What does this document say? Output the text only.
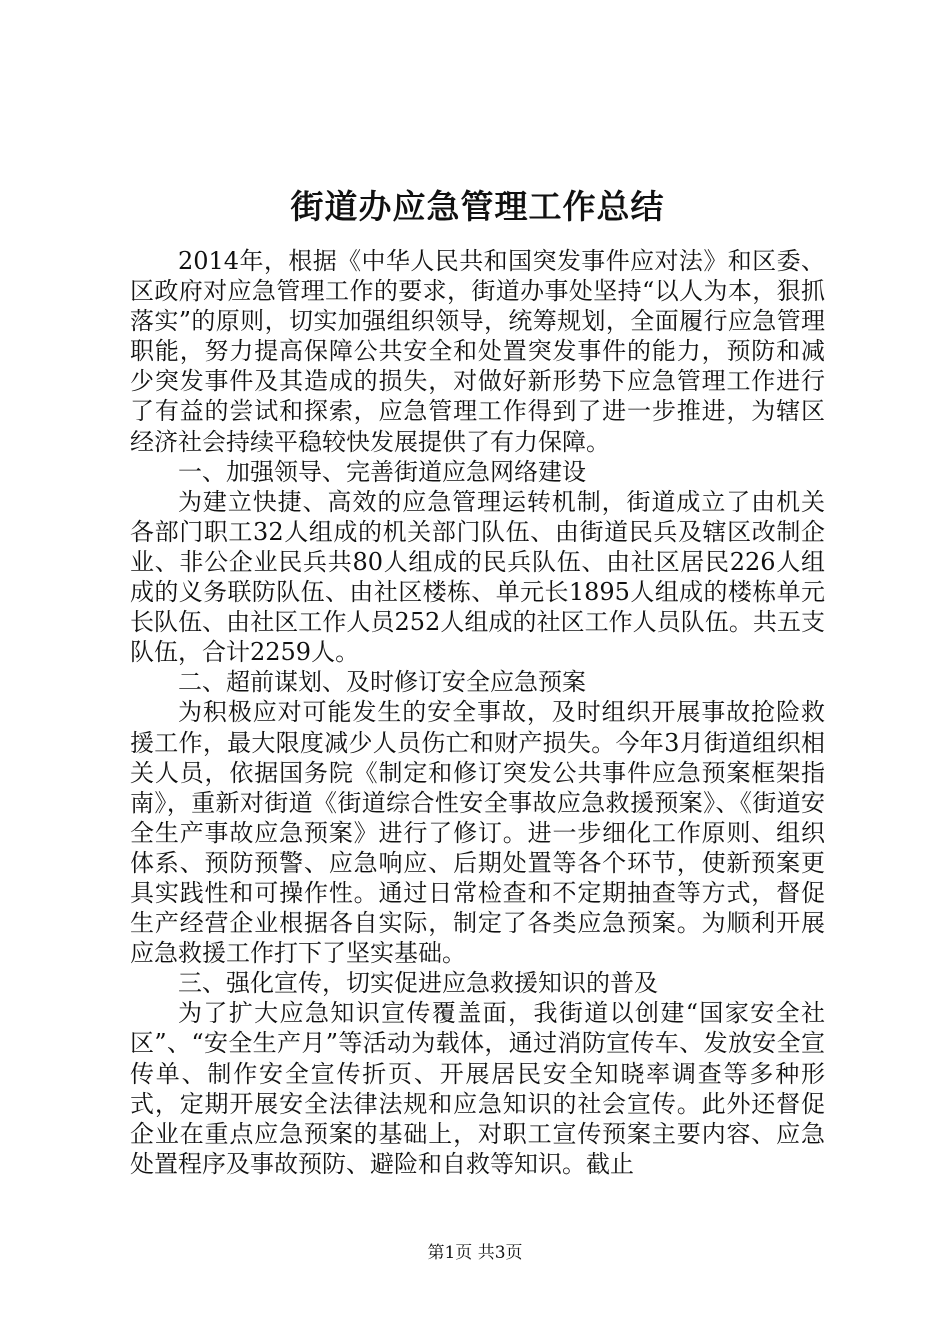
街道办应急管理工作总结

2014年，根据《中华人民共和国突发事件应对法》和区委、区政府对应急管理工作的要求，街道办事处坚持“以人为本，狠抓落实”的原则，切实加强组织领导，统筹规划，全面履行应急管理职能，努力提高保障公共安全和处置突发事件的能力，预防和减少突发事件及其造成的损失，对做好新形势下应急管理工作进行了有益的尝试和探索，应急管理工作得到了进一步推进，为辖区经济社会持续平稳较快发展提供了有力保障。

一、加强领导、完善街道应急网络建设

为建立快捷、高效的应急管理运转机制，街道成立了由机关各部门职工32人组成的机关部门队伍、由街道民兵及辖区改制企业、非公企业民兵共80人组成的民兵队伍、由社区居民226人组成的义务联防队伍、由社区楼栋、单元长1895人组成的楼栋单元长队伍、由社区工作人员252人组成的社区工作人员队伍。共五支队伍，合计2259人。

二、超前谋划、及时修订安全应急预案

为积极应对可能发生的安全事故，及时组织开展事故抢险救援工作，最大限度减少人员伤亡和财产损失。今年3月街道组织相关人员，依据国务院《制定和修订突发公共事件应急预案框架指南》，重新对街道《街道综合性安全事故应急救援预案》、《街道安全生产事故应急预案》进行了修订。进一步细化工作原则、组织体系、预防预警、应急响应、后期处置等各个环节，使新预案更具实践性和可操作性。通过日常检查和不定期抽查等方式，督促生产经营企业根据各自实际，制定了各类应急预案。为顺利开展应急救援工作打下了坚实基础。

三、强化宣传，切实促进应急救援知识的普及

为了扩大应急知识宣传覆盖面，我街道以创建“国家安全社区”、“安全生产月”等活动为载体，通过消防宣传车、发放安全宣传单、制作安全宣传折页、开展居民安全知晓率调查等多种形式，定期开展安全法律法规和应急知识的社会宣传。此外还督促企业在重点应急预案的基础上，对职工宣传预案主要内容、应急处置程序及事故预防、避险和自救等知识。截止

第1页 共3页
